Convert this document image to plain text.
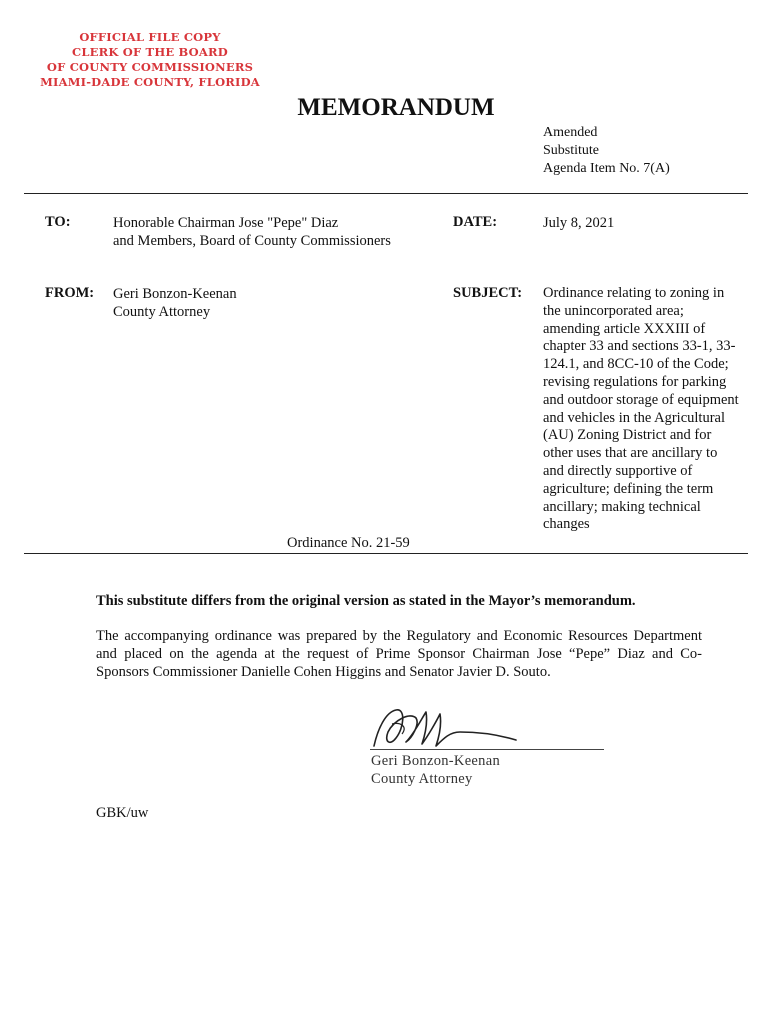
OFFICIAL FILE COPY
CLERK OF THE BOARD
OF COUNTY COMMISSIONERS
MIAMI-DADE COUNTY, FLORIDA
MEMORANDUM
Amended
Substitute
Agenda Item No. 7(A)
TO:	Honorable Chairman Jose "Pepe" Diaz
and Members, Board of County Commissioners
DATE:	July 8, 2021
FROM: Geri Bonzon-Keenan
County Attorney
SUBJECT: Ordinance relating to zoning in
the unincorporated area;
amending article XXXIII of
chapter 33 and sections 33-1, 33-
124.1, and 8CC-10 of the Code;
revising regulations for parking
and outdoor storage of equipment
and vehicles in the Agricultural
(AU) Zoning District and for
other uses that are ancillary to
and directly supportive of
agriculture; defining the term
ancillary; making technical
changes
Ordinance No. 21-59
This substitute differs from the original version as stated in the Mayor’s memorandum.
The accompanying ordinance was prepared by the Regulatory and Economic Resources Department
and placed on the agenda at the request of Prime Sponsor Chairman Jose “Pepe” Diaz and Co-
Sponsors Commissioner Danielle Cohen Higgins and Senator Javier D. Souto.
Geri Bonzon-Keenan
County Attorney
GBK/uw
